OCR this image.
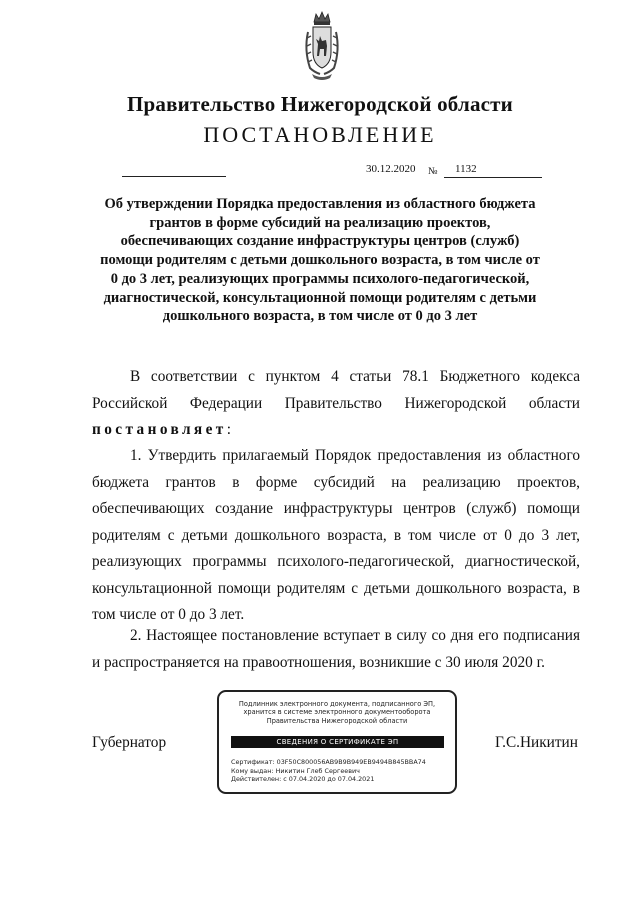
Правительство Нижегородской области
ПОСТАНОВЛЕНИЕ
30.12.2020 № 1132
Об утверждении Порядка предоставления из областного бюджета грантов в форме субсидий на реализацию проектов, обеспечивающих создание инфраструктуры центров (служб) помощи родителям с детьми дошкольного возраста, в том числе от 0 до 3 лет, реализующих программы психолого-педагогической, диагностической, консультационной помощи родителям с детьми дошкольного возраста, в том числе от 0 до 3 лет
В соответствии с пунктом 4 статьи 78.1 Бюджетного кодекса Российской Федерации Правительство Нижегородской области постановляет:
1. Утвердить прилагаемый Порядок предоставления из областного бюджета грантов в форме субсидий на реализацию проектов, обеспечивающих создание инфраструктуры центров (служб) помощи родителям с детьми дошкольного возраста, в том числе от 0 до 3 лет, реализующих программы психолого-педагогической, диагностической, консультационной помощи родителям с детьми дошкольного возраста, в том числе от 0 до 3 лет.
2. Настоящее постановление вступает в силу со дня его подписания и распространяется на правоотношения, возникшие с 30 июля 2020 г.
Подлинник электронного документа, подписанного ЭП,
хранится в системе электронного документооборота
Правительства Нижегородской области
СВЕДЕНИЯ О СЕРТИФИКАТЕ ЭП
Сертификат: 03F50C800056AB9B9B949EB9494B845BBA74
Кому выдан: Никитин Глеб Сергеевич
Действителен: с 07.04.2020 до 07.04.2021
Губернатор	Г.С.Никитин
